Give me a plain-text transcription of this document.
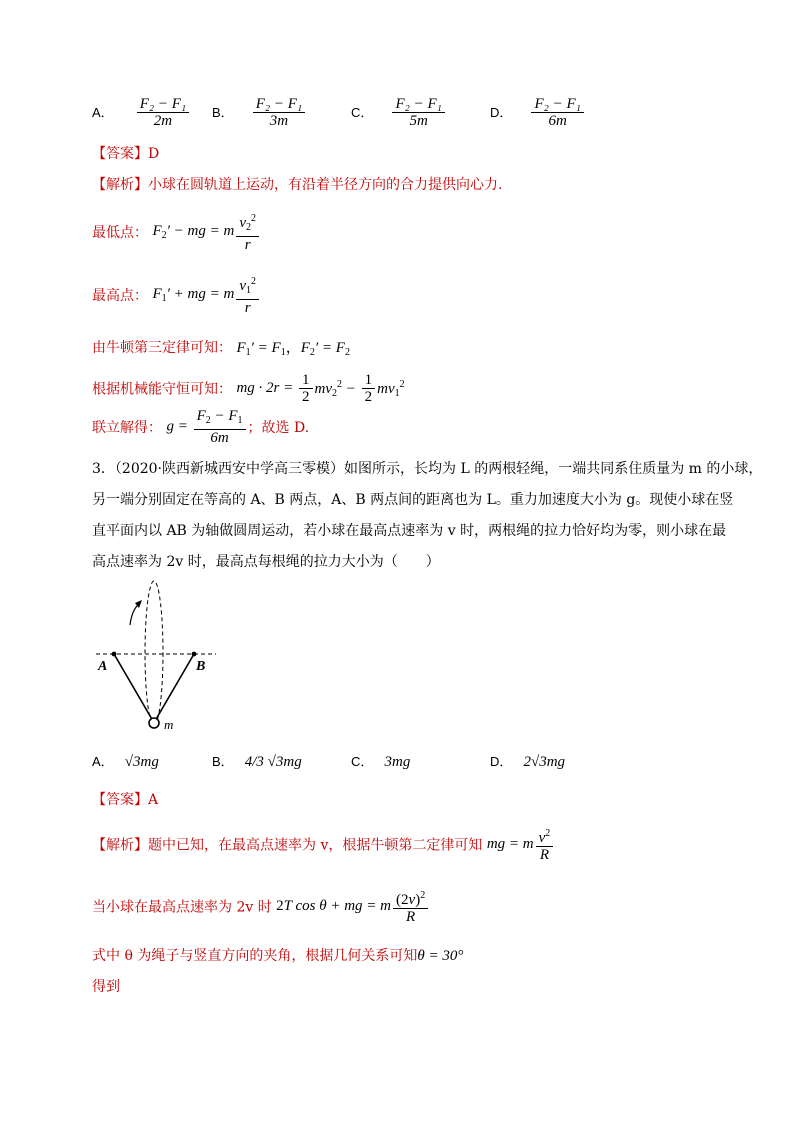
A． $\frac{\text{F₂ − F₁}}{2m}$ B． $\frac{\text{F₂ − F₁}}{3m}$	C． $\frac{\text{F₂ − F₁}}{5m}$	D． $\frac{\text{F₂ − F₁}}{6m}$
【答案】D
【解析】小球在圆轨道上运动，有沿着半径方向的合力提供向心力.
最低点： $F_2'$ − mg = m $\frac{v_2^2}{r}$
最高点： $F_1'$ + mg = m $\frac{v_1^2}{r}$
由牛顿第三定律可知： $F_1' = F_1$，$F_2' = F_2$
根据机械能守恒可知： mg · $2r = \frac{1}{2} mv_2^2 - \frac{1}{2} mv_1^2$
联立解得： $g = \frac{F_2 - F_1}{6m}$ ；故选 D.
3．（2020·陕西新城西安中学高三零模）如图所示，长均为 L 的两根轻绳，一端共同系住质量为 m 的小球，
另一端分别固定在等高的 A、B 两点，A、B 两点间的距离也为 L。重力加速度大小为 g。现使小球在竖
直平面内以 AB 为轴做圆周运动，若小球在最高点速率为 v 时，两根绳的拉力恰好均为零，则小球在最
高点速率为 2v 时，最高点每根绳的拉力大小为（　　）
A	B
m
A． √3mg	B． 4/3 √3mg	C． 3mg	D． 2√3mg
【答案】A
【解析】题中已知，在最高点速率为 v，根据牛顿第二定律可知 mg = m $\frac{v^2}{R}$
当小球在最高点速率为 2v 时 2T cos θ + mg = m $\frac{(2v)^2}{R}$
式中 θ 为绳子与竖直方向的夹角，根据几何关系可知θ = 30°
得到
